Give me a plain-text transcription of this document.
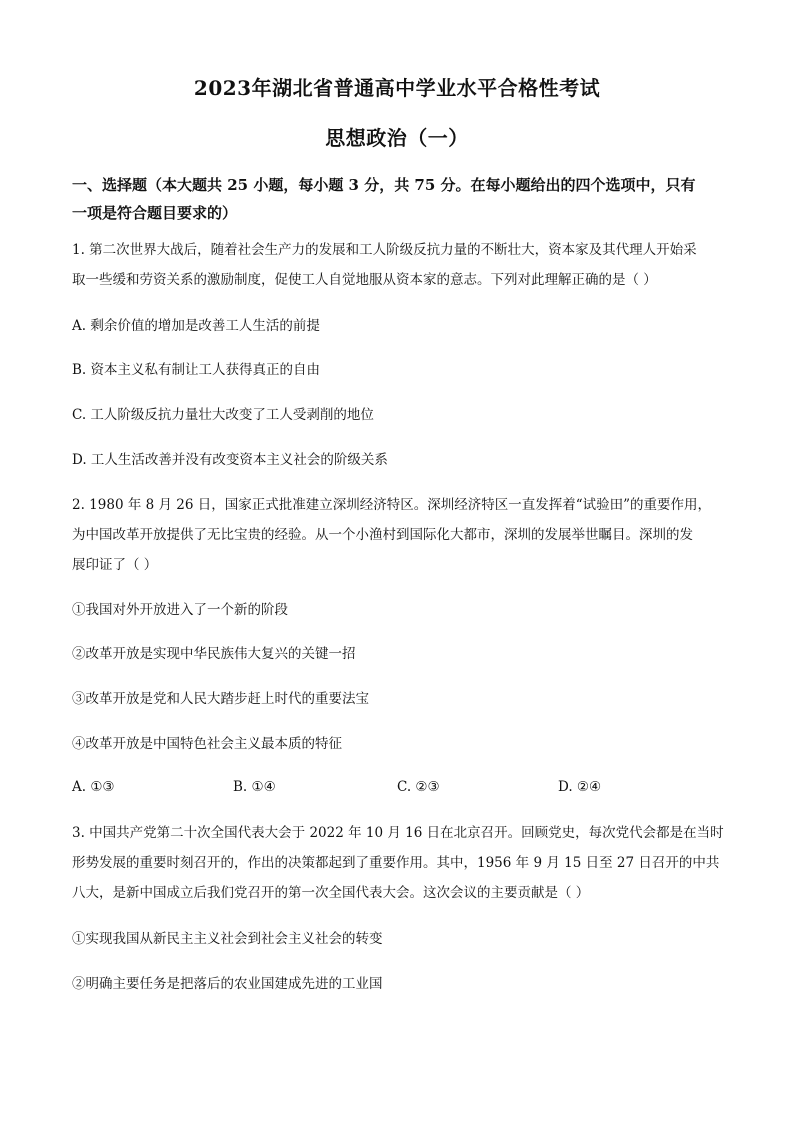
2023年湖北省普通高中学业水平合格性考试
思想政治（一）
一、选择题（本大题共 25 小题，每小题 3 分，共 75 分。在每小题给出的四个选项中，只有
一项是符合题目要求的）
1. 第二次世界大战后，随着社会生产力的发展和工人阶级反抗力量的不断壮大，资本家及其代理人开始采
取一些缓和劳资关系的激励制度，促使工人自觉地服从资本家的意志。下列对此理解正确的是（ ）
A. 剩余价值的增加是改善工人生活的前提
B. 资本主义私有制让工人获得真正的自由
C. 工人阶级反抗力量壮大改变了工人受剥削的地位
D. 工人生活改善并没有改变资本主义社会的阶级关系
2. 1980 年 8 月 26 日，国家正式批准建立深圳经济特区。深圳经济特区一直发挥着“试验田”的重要作用，
为中国改革开放提供了无比宝贵的经验。从一个小渔村到国际化大都市，深圳的发展举世瞩目。深圳的发
展印证了（ ）
①我国对外开放进入了一个新的阶段
②改革开放是实现中华民族伟大复兴的关键一招
③改革开放是党和人民大踏步赶上时代的重要法宝
④改革开放是中国特色社会主义最本质的特征
A. ①③	B. ①④	C. ②③	D. ②④
3. 中国共产党第二十次全国代表大会于 2022 年 10 月 16 日在北京召开。回顾党史，每次党代会都是在当时
形势发展的重要时刻召开的，作出的决策都起到了重要作用。其中，1956 年 9 月 15 日至 27 日召开的中共
八大，是新中国成立后我们党召开的第一次全国代表大会。这次会议的主要贡献是（ ）
①实现我国从新民主主义社会到社会主义社会的转变
②明确主要任务是把落后的农业国建成先进的工业国
